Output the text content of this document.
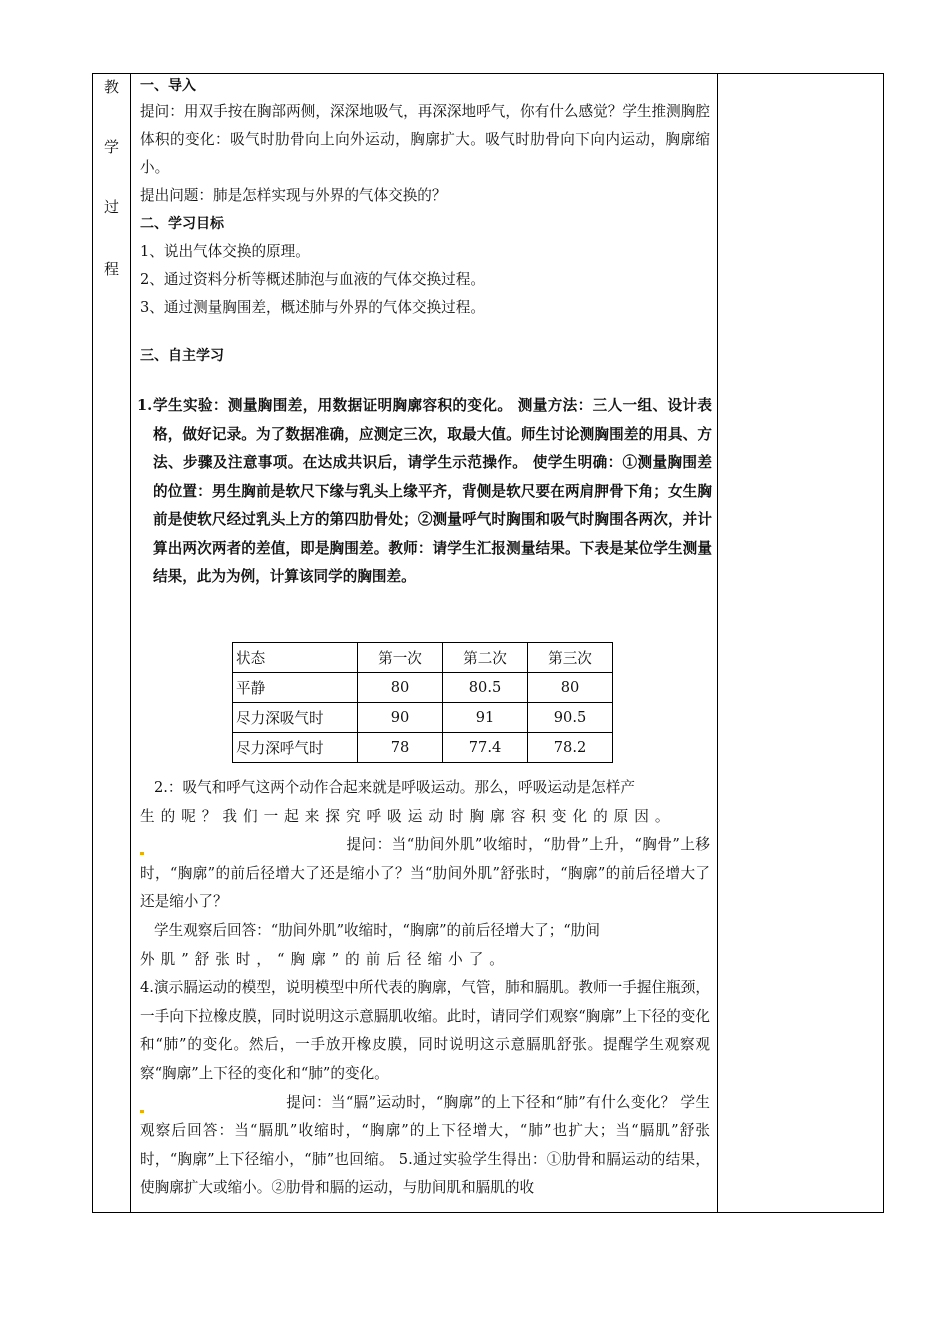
教
学
过
程

一、导入

提问：用双手按在胸部两侧，深深地吸气，再深深地呼气，你有什么感觉？学生推测胸腔体积的变化：吸气时肋骨向上向外运动，胸廓扩大。吸气时肋骨向下向内运动，胸廓缩小。

提出问题：肺是怎样实现与外界的气体交换的？

二、学习目标

1、说出气体交换的原理。

2、通过资料分析等概述肺泡与血液的气体交换过程。

3、通过测量胸围差，概述肺与外界的气体交换过程。

三、自主学习

1. 学生实验：测量胸围差，用数据证明胸廓容积的变化。 测量方法：三人一组、设计表格，做好记录。为了数据准确，应测定三次，取最大值。师生讨论测胸围差的用具、方法、步骤及注意事项。在达成共识后，请学生示范操作。 使学生明确：①测量胸围差的位置：男生胸前是软尺下缘与乳头上缘平齐，背侧是软尺要在两肩胛骨下角；女生胸前是使软尺经过乳头上方的第四肋骨处；②测量呼气时胸围和吸气时胸围各两次，并计算出两次两者的差值，即是胸围差。教师：请学生汇报测量结果。下表是某位学生测量结果，此为为例，计算该同学的胸围差。
状态	第一次	第二次	第三次
平静	80	80.5	80
尽力深吸气时	90	91	90.5
尽力深呼气时	78	77.4	78.2

2.：吸气和呼气这两个动作合起来就是呼吸运动。那么，呼吸运动是怎样产

生的呢？我们一起来探究呼吸运动时胸廓容积变化的原因。

提问：当“肋间外肌”收缩时，“肋骨”上升，“胸骨”上移时，“胸廓”的前后径增大了还是缩小了？当“肋间外肌”舒张时，“胸廓”的前后径增大了还是缩小了？

学生观察后回答：“肋间外肌”收缩时，“胸廓”的前后径增大了；“肋间

外肌”舒张时，“胸廓”的前后径缩小了。

4.演示膈运动的模型，说明模型中所代表的胸廓，气管，肺和膈肌。教师一手握住瓶颈，一手向下拉橡皮膜，同时说明这示意膈肌收缩。此时，请同学们观察“胸廓”上下径的变化和“肺”的变化。然后，一手放开橡皮膜，同时说明这示意膈肌舒张。提醒学生观察观察“胸廓”上下径的变化和“肺”的变化。

提问：当“膈”运动时，“胸廓”的上下径和“肺”有什么变化？ 学生观察后回答：当“膈肌”收缩时，“胸廓”的上下径增大，“肺”也扩大；当“膈肌”舒张时，“胸廓”上下径缩小，“肺”也回缩。 5.通过实验学生得出：①肋骨和膈运动的结果，使胸廓扩大或缩小。②肋骨和膈的运动，与肋间肌和膈肌的收
